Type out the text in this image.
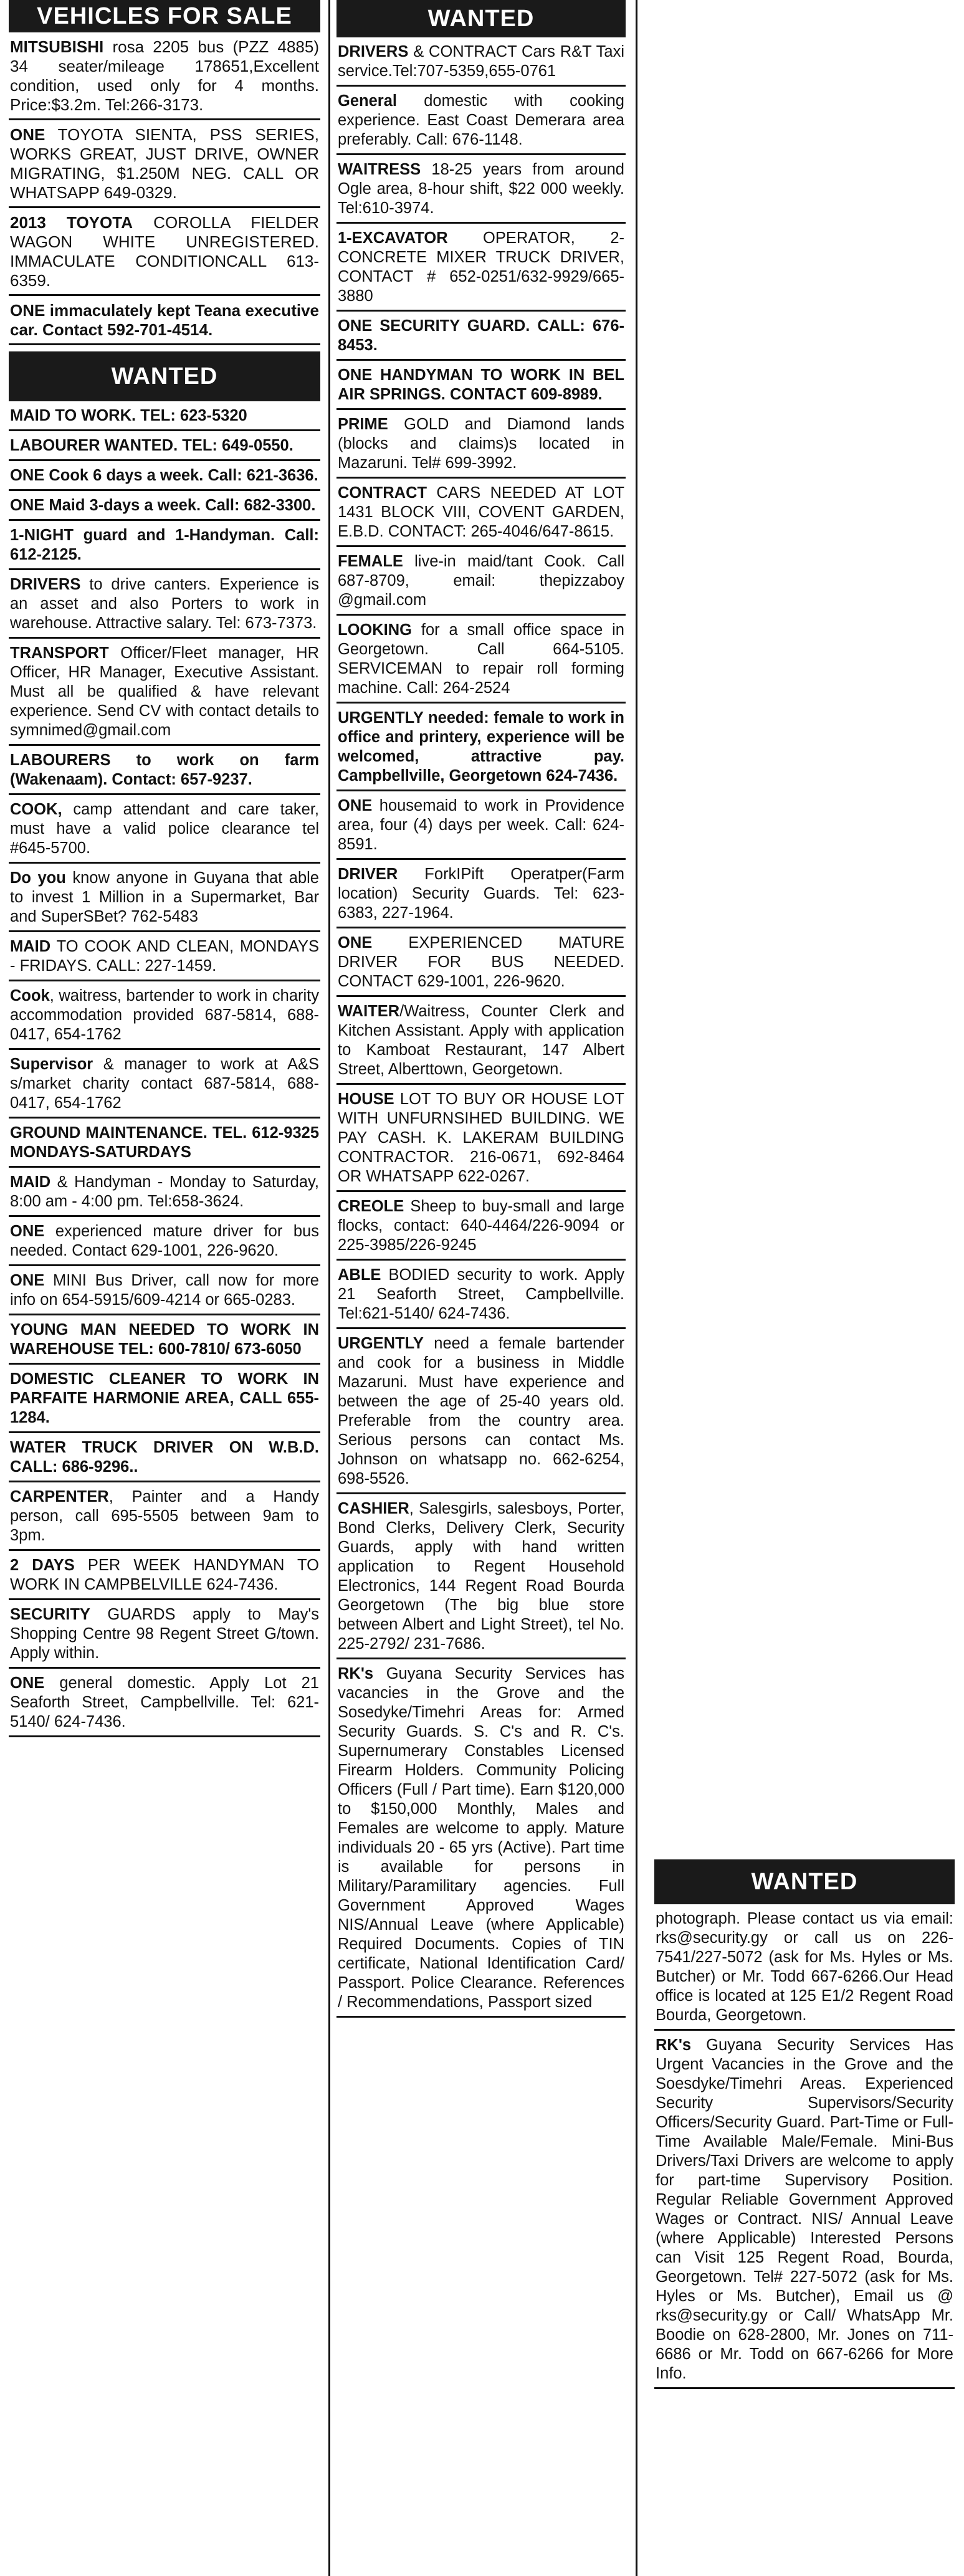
VEHICLES FOR SALE
MITSUBISHI rosa 2205 bus (PZZ 4885) 34 seater/mileage 178651,Excellent condition, used only for 4 months. Price:$3.2m. Tel:266-3173.
ONE TOYOTA SIENTA, PSS SERIES, WORKS GREAT, JUST DRIVE, OWNER MIGRATING, $1.250M NEG. CALL OR WHATSAPP 649-0329.
2013 TOYOTA COROLLA FIELDER WAGON WHITE UNREGISTERED. IMMACULATE CONDITIONCALL 613-6359.
ONE immaculately kept Teana executive car. Contact 592-701-4514.
WANTED
MAID TO WORK. TEL: 623-5320
LABOURER WANTED. TEL: 649-0550.
ONE Cook 6 days a week. Call: 621-3636.
ONE Maid 3-days a week. Call: 682-3300.
1-NIGHT guard and 1-Handyman. Call: 612-2125.
DRIVERS to drive canters. Experience is an asset and also Porters to work in warehouse. Attractive salary. Tel: 673-7373.
TRANSPORT Officer/Fleet manager, HR Officer, HR Manager, Executive Assistant. Must all be qualified & have relevant experience. Send CV with contact details to symnimed@gmail.com
LABOURERS to work on farm (Wakenaam). Contact: 657-9237.
COOK, camp attendant and care taker, must have a valid police clearance tel #645-5700.
Do you know anyone in Guyana that able to invest 1 Million in a Supermarket, Bar and SuperSBet? 762-5483
MAID TO COOK AND CLEAN, MONDAYS - FRIDAYS. CALL: 227-1459.
Cook, waitress, bartender to work in charity accommodation provided 687-5814, 688-0417, 654-1762
Supervisor & manager to work at A&S s/market charity contact 687-5814, 688-0417, 654-1762
GROUND MAINTENANCE. TEL. 612-9325 MONDAYS-SATURDAYS
MAID & Handyman - Monday to Saturday, 8:00 am - 4:00 pm. Tel:658-3624.
ONE experienced mature driver for bus needed. Contact 629-1001, 226-9620.
ONE MINI Bus Driver, call now for more info on 654-5915/609-4214 or 665-0283.
YOUNG MAN NEEDED TO WORK IN WAREHOUSE TEL: 600-7810/ 673-6050
DOMESTIC CLEANER TO WORK IN PARFAITE HARMONIE AREA, CALL 655-1284.
WATER TRUCK DRIVER ON W.B.D. CALL: 686-9296..
CARPENTER, Painter and a Handy person, call 695-5505 between 9am to 3pm.
2 DAYS PER WEEK HANDYMAN TO WORK IN CAMPBELVILLE 624-7436.
SECURITY GUARDS apply to May's Shopping Centre 98 Regent Street G/town. Apply within.
ONE general domestic. Apply Lot 21 Seaforth Street, Campbellville. Tel: 621-5140/ 624-7436.
WANTED
DRIVERS & CONTRACT Cars R&T Taxi service.Tel:707-5359,655-0761
General domestic with cooking experience. East Coast Demerara area preferably. Call: 676-1148.
WAITRESS 18-25 years from around Ogle area, 8-hour shift, $22 000 weekly. Tel:610-3974.
1-EXCAVATOR OPERATOR, 2- CONCRETE MIXER TRUCK DRIVER, CONTACT # 652-0251/632-9929/665-3880
ONE SECURITY GUARD. CALL: 676-8453.
ONE HANDYMAN TO WORK IN BEL AIR SPRINGS. CONTACT 609-8989.
PRIME GOLD and Diamond lands (blocks and claims)s located in Mazaruni. Tel# 699-3992.
CONTRACT CARS NEEDED AT LOT 1431 BLOCK VIII, COVENT GARDEN, E.B.D. CONTACT: 265-4046/647-8615.
FEMALE live-in maid/tant Cook. Call 687-8709, email: thepizzaboy @gmail.com
LOOKING for a small office space in Georgetown. Call 664-5105. SERVICEMAN to repair roll forming machine. Call: 264-2524
URGENTLY needed: female to work in office and printery, experience will be welcomed, attractive pay. Campbellville, Georgetown 624-7436.
ONE housemaid to work in Providence area, four (4) days per week. Call: 624-8591.
DRIVER ForkIPift Operatper(Farm location) Security Guards. Tel: 623-6383, 227-1964.
ONE EXPERIENCED MATURE DRIVER FOR BUS NEEDED. CONTACT 629-1001, 226-9620.
WAITER/Waitress, Counter Clerk and Kitchen Assistant. Apply with application to Kamboat Restaurant, 147 Albert Street, Alberttown, Georgetown.
HOUSE LOT TO BUY OR HOUSE LOT WITH UNFURNSIHED BUILDING. WE PAY CASH. K. LAKERAM BUILDING CONTRACTOR. 216-0671, 692-8464 OR WHATSAPP 622-0267.
CREOLE Sheep to buy-small and large flocks, contact: 640-4464/226-9094 or 225-3985/226-9245
ABLE BODIED security to work. Apply 21 Seaforth Street, Campbellville. Tel:621-5140/ 624-7436.
URGENTLY need a female bartender and cook for a business in Middle Mazaruni. Must have experience and between the age of 25-40 years old. Preferable from the country area. Serious persons can contact Ms. Johnson on whatsapp no. 662-6254, 698-5526.
CASHIER, Salesgirls, salesboys, Porter, Bond Clerks, Delivery Clerk, Security Guards, apply with hand written application to Regent Household Electronics, 144 Regent Road Bourda Georgetown (The big blue store between Albert and Light Street), tel No. 225-2792/ 231-7686.
RK's Guyana Security Services has vacancies in the Grove and the Sosedyke/Timehri Areas for: Armed Security Guards. S. C's and R. C's. Supernumerary Constables Licensed Firearm Holders. Community Policing Officers (Full / Part time). Earn $120,000 to $150,000 Monthly, Males and Females are welcome to apply. Mature individuals 20 - 65 yrs (Active). Part time is available for persons in Military/Paramilitary agencies. Full Government Approved Wages NIS/Annual Leave (where Applicable) Required Documents. Copies of TIN certificate, National Identification Card/ Passport. Police Clearance. References / Recommendations, Passport sized
WANTED
photograph. Please contact us via email: rks@security.gy or call us on 226-7541/227-5072 (ask for Ms. Hyles or Ms. Butcher) or Mr. Todd 667-6266.Our Head office is located at 125 E1/2 Regent Road Bourda, Georgetown.
RK's Guyana Security Services Has Urgent Vacancies in the Grove and the Soesdyke/Timehri Areas. Experienced Security Supervisors/Security Officers/Security Guard. Part-Time or Full-Time Available Male/Female. Mini-Bus Drivers/Taxi Drivers are welcome to apply for part-time Supervisory Position. Regular Reliable Government Approved Wages or Contract. NIS/ Annual Leave (where Applicable) Interested Persons can Visit 125 Regent Road, Bourda, Georgetown. Tel# 227-5072 (ask for Ms. Hyles or Ms. Butcher), Email us @ rks@security.gy or Call/ WhatsApp Mr. Boodie on 628-2800, Mr. Jones on 711-6686 or Mr. Todd on 667-6266 for More Info.
